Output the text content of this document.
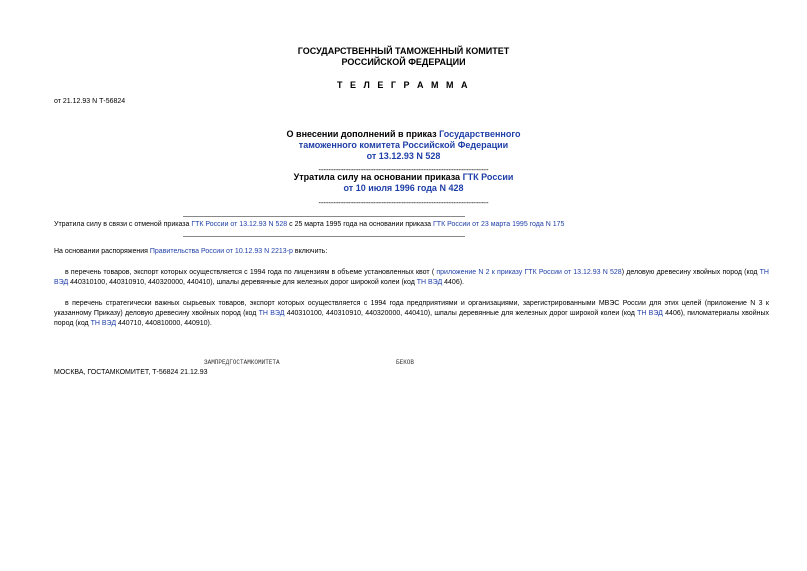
ГОСУДАРСТВЕННЫЙ ТАМОЖЕННЫЙ КОМИТЕТ
РОССИЙСКОЙ ФЕДЕРАЦИИ
Т Е Л Е Г Р А М М А
от 21.12.93 N Т-56824
О внесении дополнений в приказ Государственного
таможенного комитета Российской Федерации
от 13.12.93 N 528
------------------------------------------------------------------------------------------------------
Утратила силу на основании приказа ГТК России
от 10 июля 1996 года N 428
------------------------------------------------------------------------------------------------------
Утратила силу в связи с отменой приказа ГТК России от 13.12.93 N 528 с 25 марта 1995 года на основании приказа ГТК России от 23 марта 1995 года N 175
На основании распоряжения Правительства России от 10.12.93 N 2213-р включить:
в перечень товаров, экспорт которых осуществляется с 1994 года по лицензиям в объеме установленных квот ( приложение N 2 к приказу ГТК России от 13.12.93 N 528) деловую древесину хвойных пород (код ТН ВЭД 440310100, 440310910, 440320000, 440410), шпалы деревянные для железных дорог широкой колеи (код ТН ВЭД 4406).
в перечень стратегически важных сырьевых товаров, экспорт которых осуществляется с 1994 года предприятиями и организациями, зарегистрированными МВЭС России для этих целей (приложение N 3 к указанному Приказу) деловую древесину хвойных пород (код ТН ВЭД 440310100, 440310910, 440320000, 440410), шпалы деревянные для железных дорог широкой колеи (код ТН ВЭД 4406), пиломатериалы хвойных пород (код ТН ВЭД 440710, 440810000, 440910).
ЗАМПРЕДГОСТАМКОМИТЕТА	БЕКОВ
МОСКВА, ГОСТАМКОМИТЕТ, Т-56824 21.12.93
